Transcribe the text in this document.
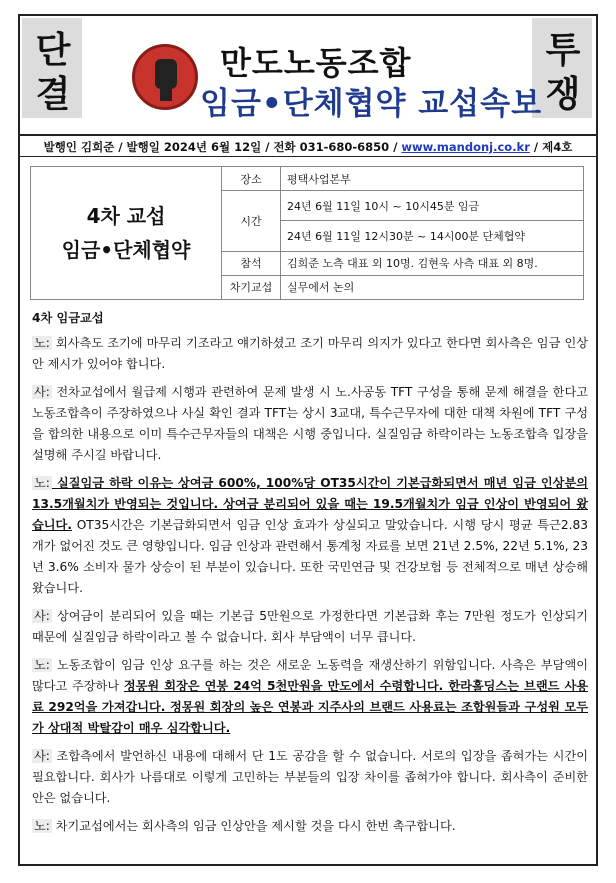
단
결
투
쟁
만도노동조합
임금•단체협약 교섭속보
발행인 김희준 / 발행일 2024년 6월 12일 / 전화 031-680-6850 / www.mandonj.co.kr / 제4호
4차 교섭
임금•단체협약	장소	평택사업본부
	시간	24년 6월 11일 10시 ~ 10시45분 임금
		24년 6월 11일 12시30분 ~ 14시00분 단체협약
	참석	김희준 노측 대표 외 10명. 김현욱 사측 대표 외 8명.
	차기교섭	실무에서 논의
4차 임금교섭
노: 회사측도 조기에 마무리 기조라고 얘기하셨고 조기 마무리 의지가 있다고 한다면 회사측은 임금 인상 안 제시가 있어야 합니다.
사: 전차교섭에서 월급제 시행과 관련하여 문제 발생 시 노.사공동 TFT 구성을 통해 문제 해결을 한다고 노동조합측이 주장하였으나 사실 확인 결과 TFT는 상시 3교대, 특수근무자에 대한 대책 차원에 TFT 구성을 합의한 내용으로 이미 특수근무자들의 대책은 시행 중입니다. 실질임금 하락이라는 노동조합측 입장을 설명해 주시길 바랍니다.
노: 실질임금 하락 이유는 상여금 600%, 100%당 OT35시간이 기본급화되면서 매년 임금 인상분의 13.5개월치가 반영되는 것입니다. 상여금 분리되어 있을 때는 19.5개월치가 임금 인상이 반영되어 왔습니다. OT35시간은 기본급화되면서 임금 인상 효과가 상실되고 말았습니다. 시행 당시 평균 특근2.83개가 없어진 것도 큰 영향입니다. 임금 인상과 관련해서 통계청 자료를 보면 21년 2.5%, 22년 5.1%, 23년 3.6% 소비자 물가 상승이 된 부분이 있습니다. 또한 국민연금 및 건강보험 등 전체적으로 매년 상승해 왔습니다.
사: 상여금이 분리되어 있을 때는 기본급 5만원으로 가정한다면 기본급화 후는 7만원 정도가 인상되기 때문에 실질임금 하락이라고 볼 수 없습니다. 회사 부담액이 너무 큽니다.
노: 노동조합이 임금 인상 요구를 하는 것은 새로운 노동력을 재생산하기 위함입니다. 사측은 부담액이 많다고 주장하나 정몽원 회장은 연봉 24억 5천만원을 만도에서 수령합니다. 한라홀딩스는 브랜드 사용료 292억을 가져갑니다. 정몽원 회장의 높은 연봉과 지주사의 브랜드 사용료는 조합원들과 구성원 모두가 상대적 박탈감이 매우 심각합니다.
사: 조합측에서 발언하신 내용에 대해서 단 1도 공감을 할 수 없습니다. 서로의 입장을 좁혀가는 시간이 필요합니다. 회사가 나름대로 이렇게 고민하는 부분들의 입장 차이를 좁혀가야 합니다. 회사측이 준비한 안은 없습니다.
노: 차기교섭에서는 회사측의 임금 인상안을 제시할 것을 다시 한번 촉구합니다.
